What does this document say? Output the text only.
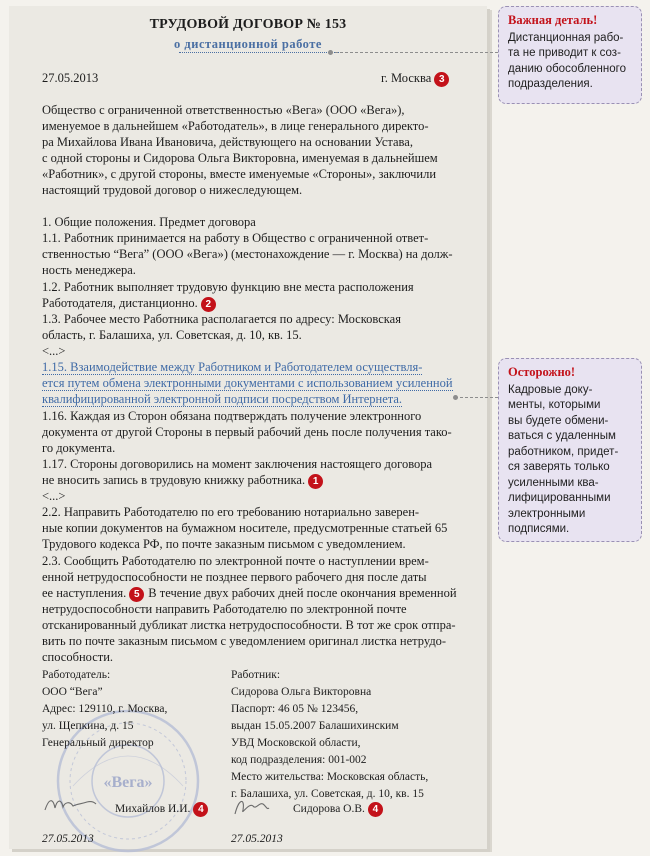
ТРУДОВОЙ ДОГОВОР № 153
о дистанционной работе
27.05.2013	г. Москва 3
Общество с ограниченной ответственностью «Вега» (ООО «Вега»),
именуемое в дальнейшем «Работодатель», в лице генерального директо-
ра Михайлова Ивана Ивановича, действующего на основании Устава,
с одной стороны и Сидорова Ольга Викторовна, именуемая в дальнейшем
«Работник», с другой стороны, вместе именуемые «Стороны», заключили
настоящий трудовой договор о нижеследующем.
1. Общие положения. Предмет договора
1.1. Работник принимается на работу в Общество с ограниченной ответ-
ственностью “Вега” (ООО «Вега») (местонахождение — г. Москва) на долж-
ность менеджера.
1.2. Работник выполняет трудовую функцию вне места расположения
Работодателя, дистанционно. 2
1.3. Рабочее место Работника располагается по адресу: Московская
область, г. Балашиха, ул. Советская, д. 10, кв. 15.
<...>
1.15. Взаимодействие между Работником и Работодателем осуществля-
ется путем обмена электронными документами с использованием усиленной
квалифицированной электронной подписи посредством Интернета.
1.16. Каждая из Сторон обязана подтверждать получение электронного
документа от другой Стороны в первый рабочий день после получения тако-
го документа.
1.17. Стороны договорились на момент заключения настоящего договора
не вносить запись в трудовую книжку работника. 1
<...>
2.2. Направить Работодателю по его требованию нотариально заверен-
ные копии документов на бумажном носителе, предусмотренные статьей 65
Трудового кодекса РФ, по почте заказным письмом с уведомлением.
2.3. Сообщить Работодателю по электронной почте о наступлении врем-
енной нетрудоспособности не позднее первого рабочего дня после даты
ее наступления. 5 В течение двух рабочих дней после окончания временной
нетрудоспособности направить Работодателю по электронной почте
отсканированный дубликат листка нетрудоспособности. В тот же срок отпра-
вить по почте заказным письмом с уведомлением оригинал листка нетрудо-
способности.
«Вега»
Работодатель:
ООО “Вега”
Адрес: 129110, г. Москва,
ул. Щепкина, д. 15
Генеральный директор
Михайлов И.И. 4
27.05.2013
Работник:
Сидорова Ольга Викторовна
Паспорт: 46 05 № 123456,
выдан 15.05.2007 Балашихинским
УВД Московской области,
код подразделения: 001-002
Место жительства: Московская область,
г. Балашиха, ул. Советская, д. 10, кв. 15
Сидорова О.В. 4
27.05.2013
Важная деталь!
Дистанционная рабо-
та не приводит к соз-
данию обособленного
подразделения.
Осторожно!
Кадровые доку-
менты, которыми
вы будете обмени-
ваться с удаленным
работником, придет-
ся заверять только
усиленными ква-
лифицированными
электронными
подписями.
